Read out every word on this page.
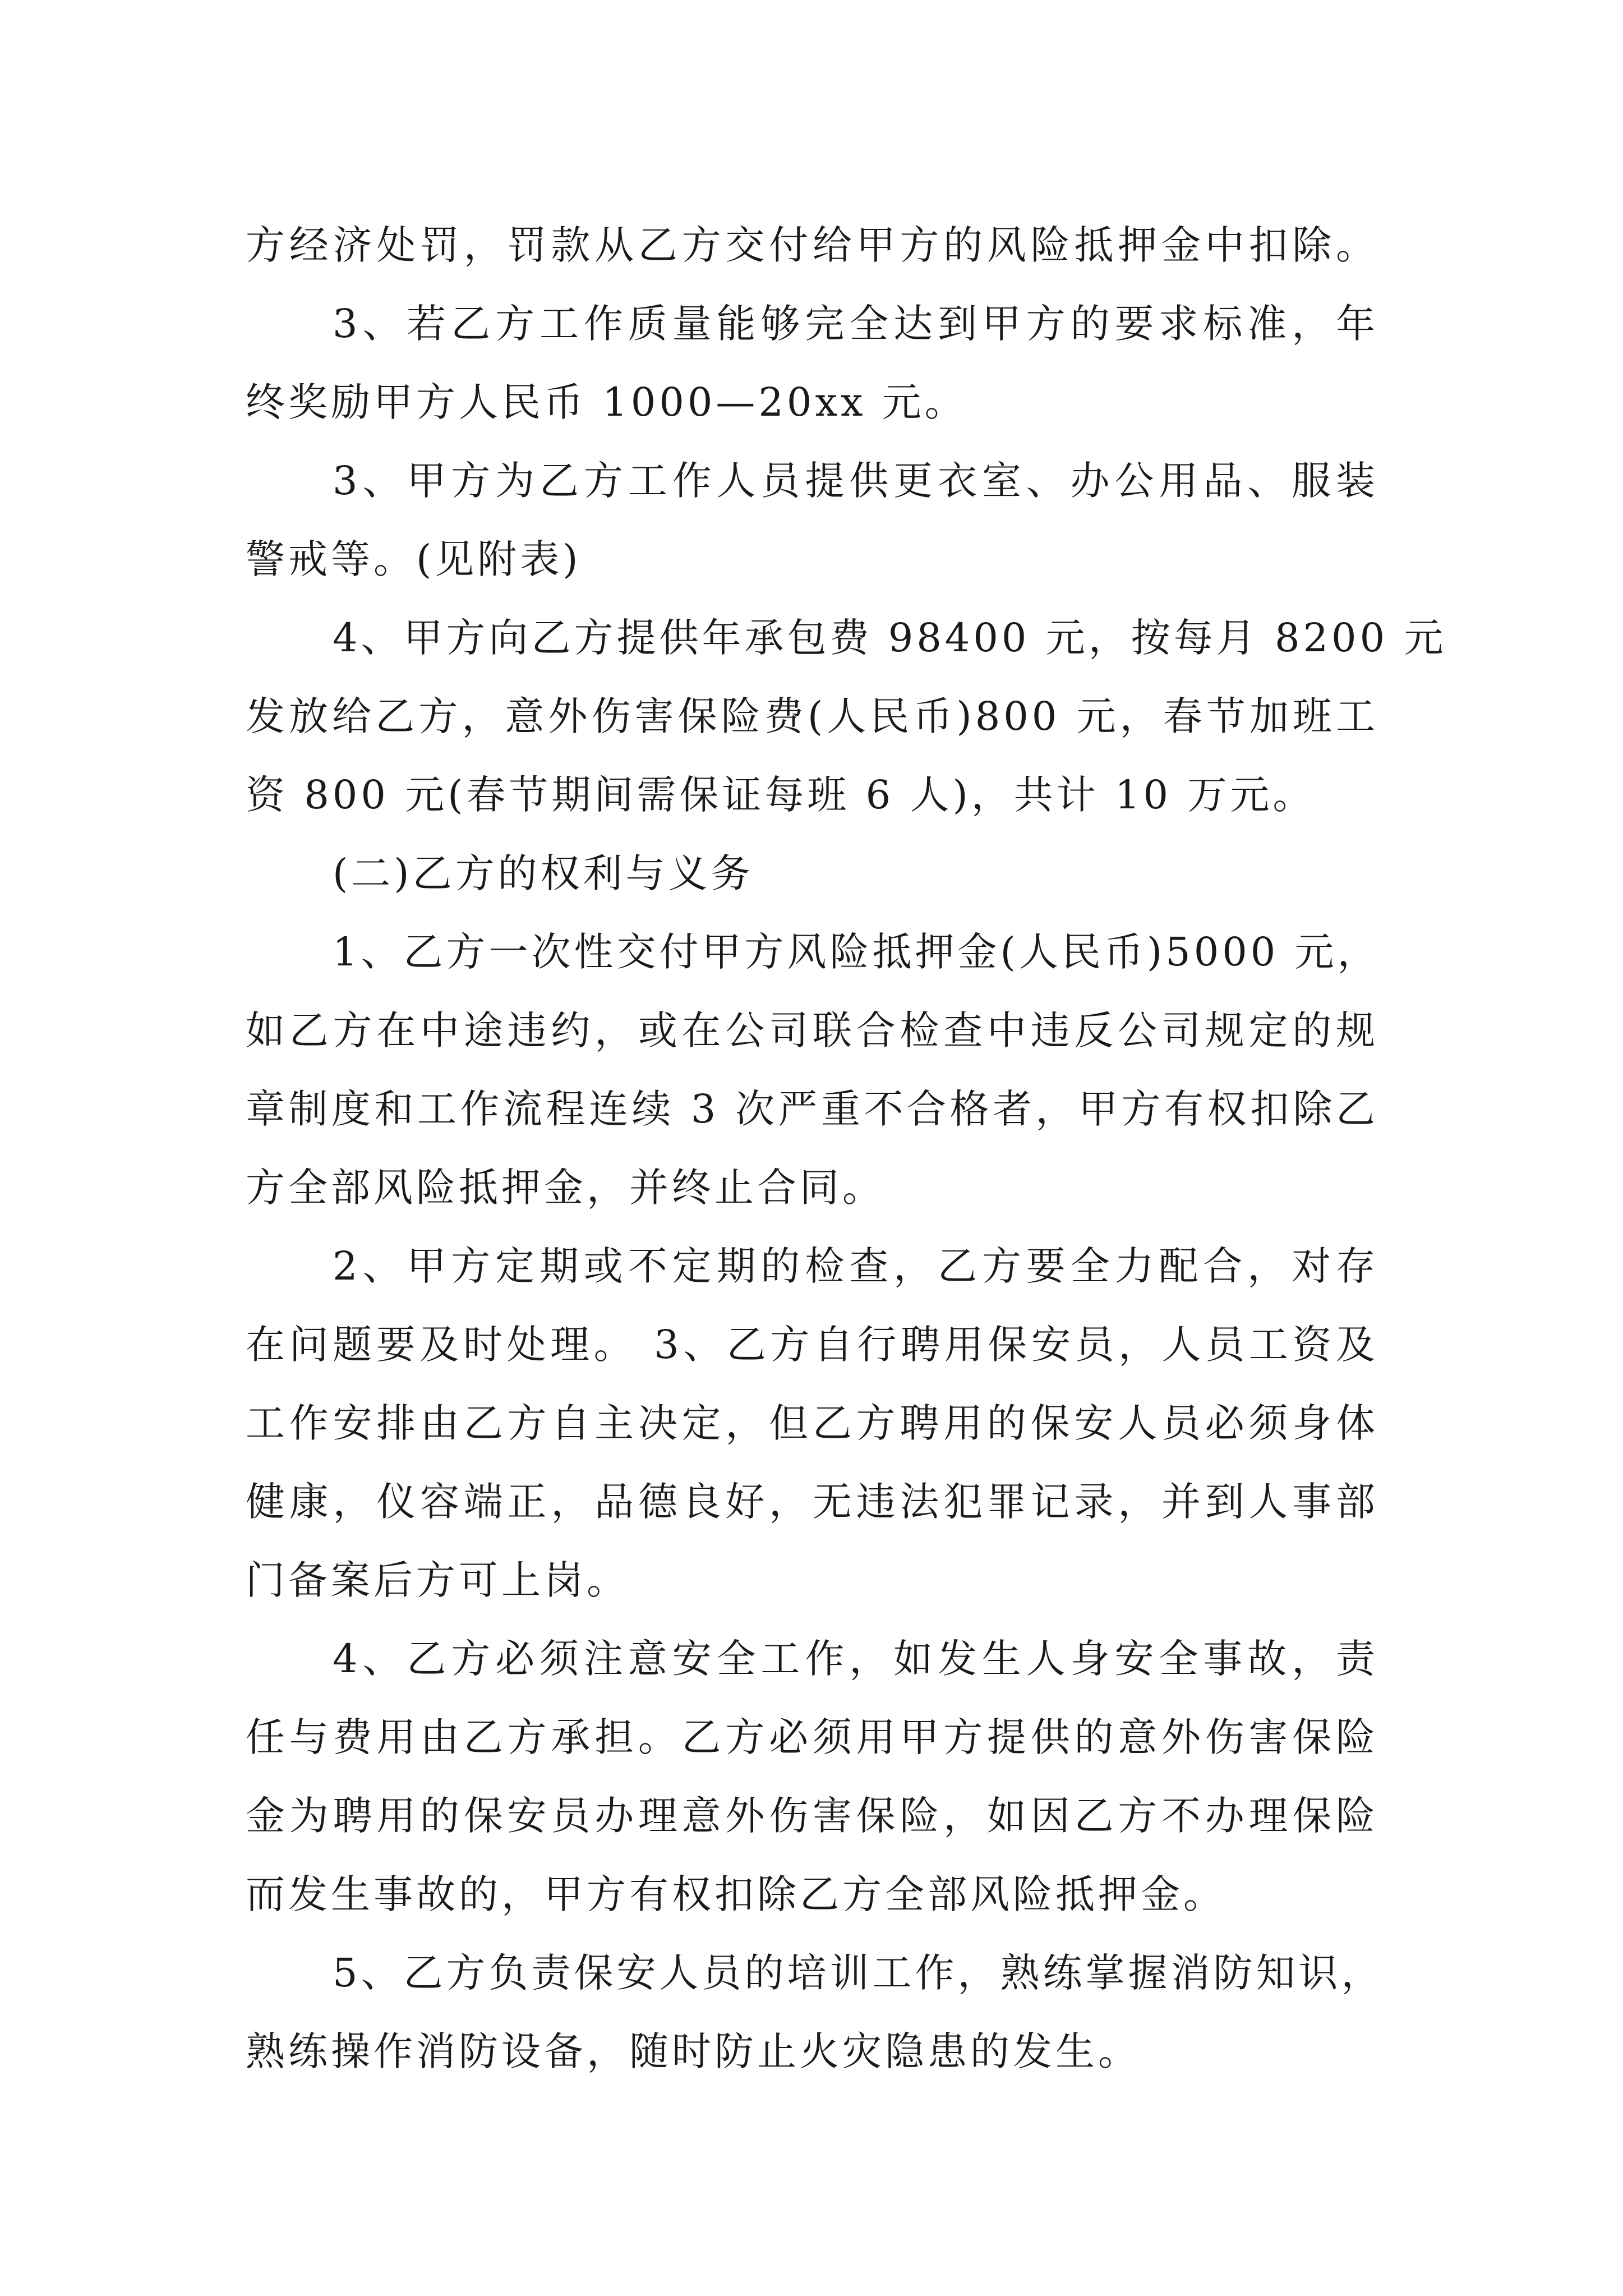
方经济处罚，罚款从乙方交付给甲方的风险抵押金中扣除。
3、若乙方工作质量能够完全达到甲方的要求标准，年
终奖励甲方人民币 1000—20xx 元。
3、甲方为乙方工作人员提供更衣室、办公用品、服装
警戒等。(见附表)
4、甲方向乙方提供年承包费 98400 元，按每月 8200 元
发放给乙方，意外伤害保险费(人民币)800 元，春节加班工
资 800 元(春节期间需保证每班 6 人)，共计 10 万元。
(二)乙方的权利与义务
1、乙方一次性交付甲方风险抵押金(人民币)5000 元，
如乙方在中途违约，或在公司联合检查中违反公司规定的规
章制度和工作流程连续 3 次严重不合格者，甲方有权扣除乙
方全部风险抵押金，并终止合同。
2、甲方定期或不定期的检查，乙方要全力配合，对存
在问题要及时处理。 3、乙方自行聘用保安员，人员工资及
工作安排由乙方自主决定，但乙方聘用的保安人员必须身体
健康，仪容端正，品德良好，无违法犯罪记录，并到人事部
门备案后方可上岗。
4、乙方必须注意安全工作，如发生人身安全事故，责
任与费用由乙方承担。乙方必须用甲方提供的意外伤害保险
金为聘用的保安员办理意外伤害保险，如因乙方不办理保险
而发生事故的，甲方有权扣除乙方全部风险抵押金。
5、乙方负责保安人员的培训工作，熟练掌握消防知识，
熟练操作消防设备，随时防止火灾隐患的发生。
